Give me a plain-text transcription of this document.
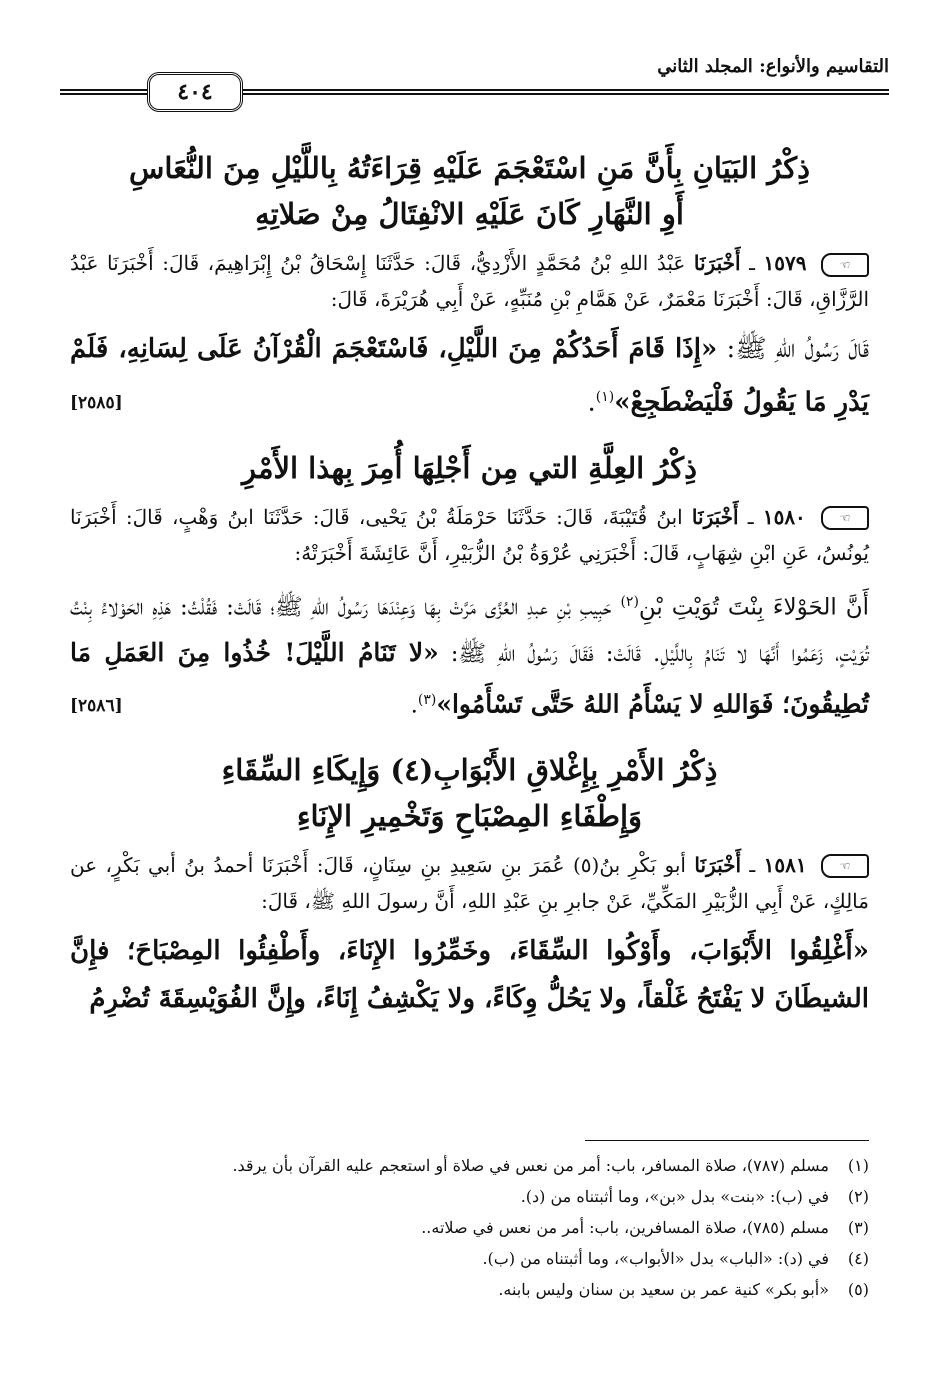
٤٠٤
التقاسيم والأنواع: المجلد الثاني
ذِكْرُ البَيَانِ بِأَنَّ مَنِ اسْتَعْجَمَ عَلَيْهِ قِرَاءَتُهُ بِاللَّيْلِ مِنَ النُّعَاسِ
أَوِ النَّهَارِ كَانَ عَلَيْهِ الانْفِتَالُ مِنْ صَلاتِهِ

☜ ١٥٧٩ ـ أَخْبَرَنَا عَبْدُ اللهِ بْنُ مُحَمَّدٍ الأَزْدِيُّ، قَالَ: حَدَّثَنَا إِسْحَاقُ بْنُ إِبْرَاهِيمَ، قَالَ: أَخْبَرَنَا عَبْدُ الرَّزَّاقِ، قَالَ: أَخْبَرَنَا مَعْمَرٌ، عَنْ هَمَّامِ بْنِ مُنَبِّهٍ، عَنْ أَبِي هُرَيْرَةَ، قَالَ:

قَالَ رَسُولُ اللهِ ﷺ: «إِذَا قَامَ أَحَدُكُمْ مِنَ اللَّيْلِ، فَاسْتَعْجَمَ الْقُرْآنُ عَلَى لِسَانِهِ، فَلَمْ يَدْرِ مَا يَقُولُ فَلْيَضْطَجِعْ»$^{(١)}$.
[٢٥٨٥]

ذِكْرُ العِلَّةِ التي مِن أَجْلِهَا أُمِرَ بِهذا الأَمْرِ

☜ ١٥٨٠ ـ أَخْبَرَنَا ابنُ قُتَيْبَةَ، قَالَ: حَدَّثَنَا حَرْمَلَةُ بْنُ يَحْيى، قَالَ: حَدَّثَنَا ابنُ وَهْبٍ، قَالَ: أَخْبَرَنَا يُونُسُ، عَنِ ابْنِ شِهَابٍ، قَالَ: أَخْبَرَنِي عُرْوَةُ بْنُ الزُّبَيْرِ، أَنَّ عَائِشَةَ أَخْبَرَتْهُ:

أَنَّ الحَوْلاءَ بِنْتَ تُوَيْتِ بْنِ$^{(٢)}$ حَبِيبِ بْنِ عبدِ العُزَّى مَرَّتْ بِهَا وَعِنْدَهَا رَسُولُ اللهِ ﷺ؛ قَالَتْ: فَقُلْتُ: هَذِهِ الحَوْلاءُ بِنْتُ تُوَيْتٍ، زَعَمُوا أَنَّهَا لا تَنَامُ بِاللَّيْلِ. قَالَتْ: فَقَالَ رَسُولُ اللهِ ﷺ: «لا تَنَامُ اللَّيْلَ! خُذُوا مِنَ العَمَلِ مَا تُطِيقُونَ؛ فَوَاللهِ لا يَسْأَمُ اللهُ حَتَّى تَسْأَمُوا»$^{(٣)}$.
[٢٥٨٦]

ذِكْرُ الأَمْرِ بِإِغْلاقِ الأَبْوَابِ(٤) وَإِيكَاءِ السِّقَاءِ
وَإِطْفَاءِ المِصْبَاحِ وَتَخْمِيرِ الإِنَاءِ

☜ ١٥٨١ ـ أَخْبَرَنَا أبو بَكْرِ بنُ(٥) عُمَرَ بنِ سَعِيدِ بنِ سِنَانٍ، قَالَ: أَخْبَرَنَا أحمدُ بنُ أبي بَكْرٍ، عن مَالِكٍ، عَنْ أَبِي الزُّبَيْرِ المَكِّيِّ، عَنْ جابرِ بنِ عَبْدِ اللهِ، أَنَّ رسولَ اللهِ ﷺ، قَالَ:

«أَغْلِقُوا الأَبْوَابَ، وأَوْكُوا السِّقَاءَ، وخَمِّرُوا الإِنَاءَ، وأَطْفِئُوا المِصْبَاحَ؛ فإِنَّ الشيطَانَ لا يَفْتَحُ غَلْقاً، ولا يَحُلُّ وِكَاءً، ولا يَكْشِفُ إِنَاءً، وإِنَّ الفُوَيْسِقَةَ تُضْرِمُ

(١)مسلم (٧٨٧)، صلاة المسافر، باب: أمر من نعس في صلاة أو استعجم عليه القرآن بأن يرقد.
(٢)في (ب): «بنت» بدل «بن»، وما أثبتناه من (د).
(٣)مسلم (٧٨٥)، صلاة المسافرين، باب: أمر من نعس في صلاته..
(٤)في (د): «الباب» بدل «الأبواب»، وما أثبتناه من (ب).
(٥)«أبو بكر» كنية عمر بن سعيد بن سنان وليس بابنه.
